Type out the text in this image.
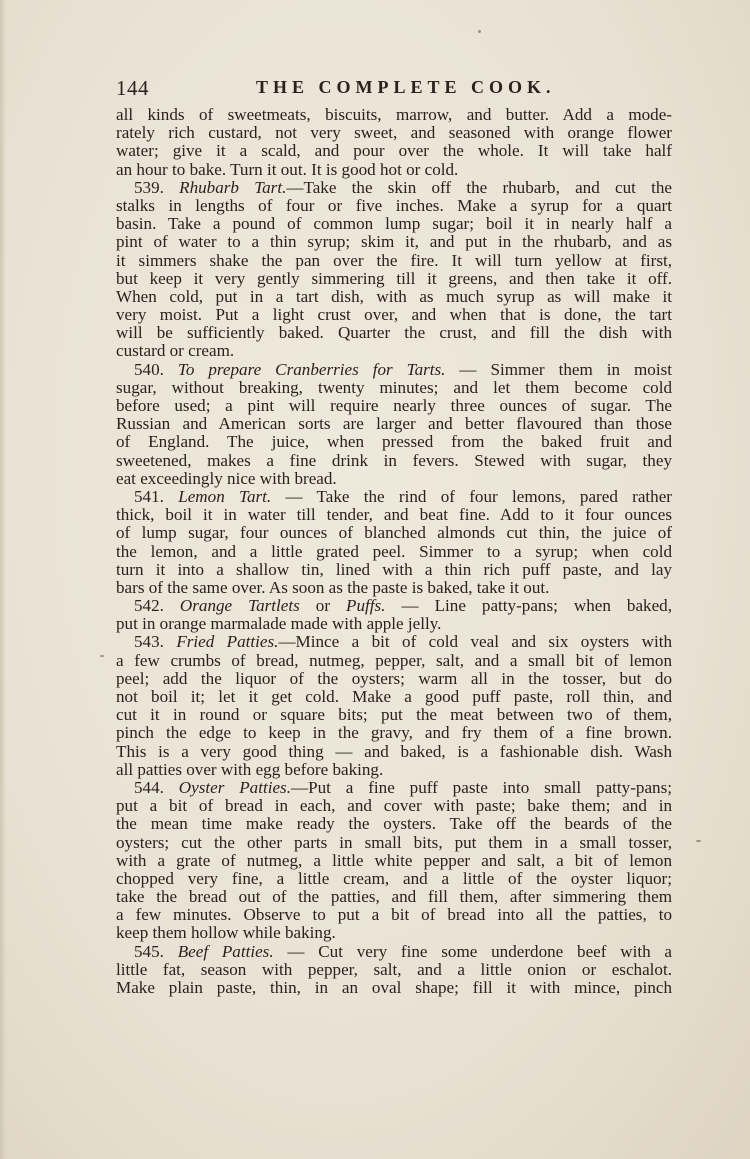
144	THE COMPLETE COOK.
all kinds of sweetmeats, biscuits, marrow, and butter. Add a mode-
rately rich custard, not very sweet, and seasoned with orange flower
water; give it a scald, and pour over the whole. It will take half
an hour to bake. Turn it out. It is good hot or cold.
539. Rhubarb Tart.—Take the skin off the rhubarb, and cut the
stalks in lengths of four or five inches. Make a syrup for a quart
basin. Take a pound of common lump sugar; boil it in nearly half a
pint of water to a thin syrup; skim it, and put in the rhubarb, and as
it simmers shake the pan over the fire. It will turn yellow at first,
but keep it very gently simmering till it greens, and then take it off.
When cold, put in a tart dish, with as much syrup as will make it
very moist. Put a light crust over, and when that is done, the tart
will be sufficiently baked. Quarter the crust, and fill the dish with
custard or cream.
540. To prepare Cranberries for Tarts. — Simmer them in moist
sugar, without breaking, twenty minutes; and let them become cold
before used; a pint will require nearly three ounces of sugar. The
Russian and American sorts are larger and better flavoured than those
of England. The juice, when pressed from the baked fruit and
sweetened, makes a fine drink in fevers. Stewed with sugar, they
eat exceedingly nice with bread.
541. Lemon Tart. — Take the rind of four lemons, pared rather
thick, boil it in water till tender, and beat fine. Add to it four ounces
of lump sugar, four ounces of blanched almonds cut thin, the juice of
the lemon, and a little grated peel. Simmer to a syrup; when cold
turn it into a shallow tin, lined with a thin rich puff paste, and lay
bars of the same over. As soon as the paste is baked, take it out.
542. Orange Tartlets or Puffs. — Line patty-pans; when baked,
put in orange marmalade made with apple jelly.
543. Fried Patties.—Mince a bit of cold veal and six oysters with
a few crumbs of bread, nutmeg, pepper, salt, and a small bit of lemon
peel; add the liquor of the oysters; warm all in the tosser, but do
not boil it; let it get cold. Make a good puff paste, roll thin, and
cut it in round or square bits; put the meat between two of them,
pinch the edge to keep in the gravy, and fry them of a fine brown.
This is a very good thing — and baked, is a fashionable dish. Wash
all patties over with egg before baking.
544. Oyster Patties.—Put a fine puff paste into small patty-pans;
put a bit of bread in each, and cover with paste; bake them; and in
the mean time make ready the oysters. Take off the beards of the
oysters; cut the other parts in small bits, put them in a small tosser,
with a grate of nutmeg, a little white pepper and salt, a bit of lemon
chopped very fine, a little cream, and a little of the oyster liquor;
take the bread out of the patties, and fill them, after simmering them
a few minutes. Observe to put a bit of bread into all the patties, to
keep them hollow while baking.
545. Beef Patties. — Cut very fine some underdone beef with a
little fat, season with pepper, salt, and a little onion or eschalot.
Make plain paste, thin, in an oval shape; fill it with mince, pinch
